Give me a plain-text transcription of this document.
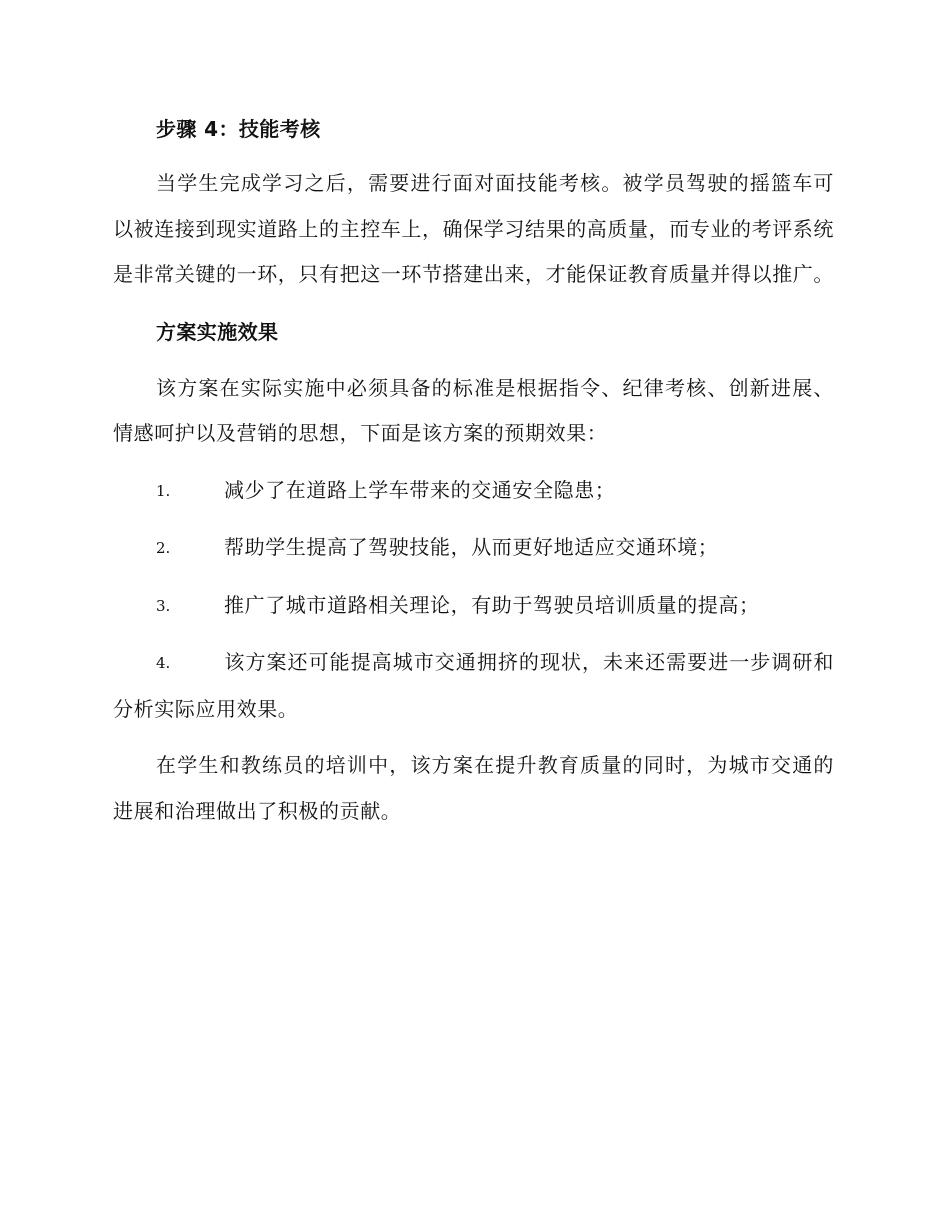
步骤 4：技能考核

当学生完成学习之后，需要进行面对面技能考核。被学员驾驶的摇篮车可以被连接到现实道路上的主控车上，确保学习结果的高质量，而专业的考评系统是非常关键的一环，只有把这一环节搭建出来，才能保证教育质量并得以推广。

方案实施效果

该方案在实际实施中必须具备的标准是根据指令、纪律考核、创新进展、情感呵护以及营销的思想，下面是该方案的预期效果：

1.	减少了在道路上学车带来的交通安全隐患；

2.	帮助学生提高了驾驶技能，从而更好地适应交通环境；

3.	推广了城市道路相关理论，有助于驾驶员培训质量的提高；

4.	该方案还可能提高城市交通拥挤的现状，未来还需要进一步调研和分析实际应用效果。

在学生和教练员的培训中，该方案在提升教育质量的同时，为城市交通的进展和治理做出了积极的贡献。
